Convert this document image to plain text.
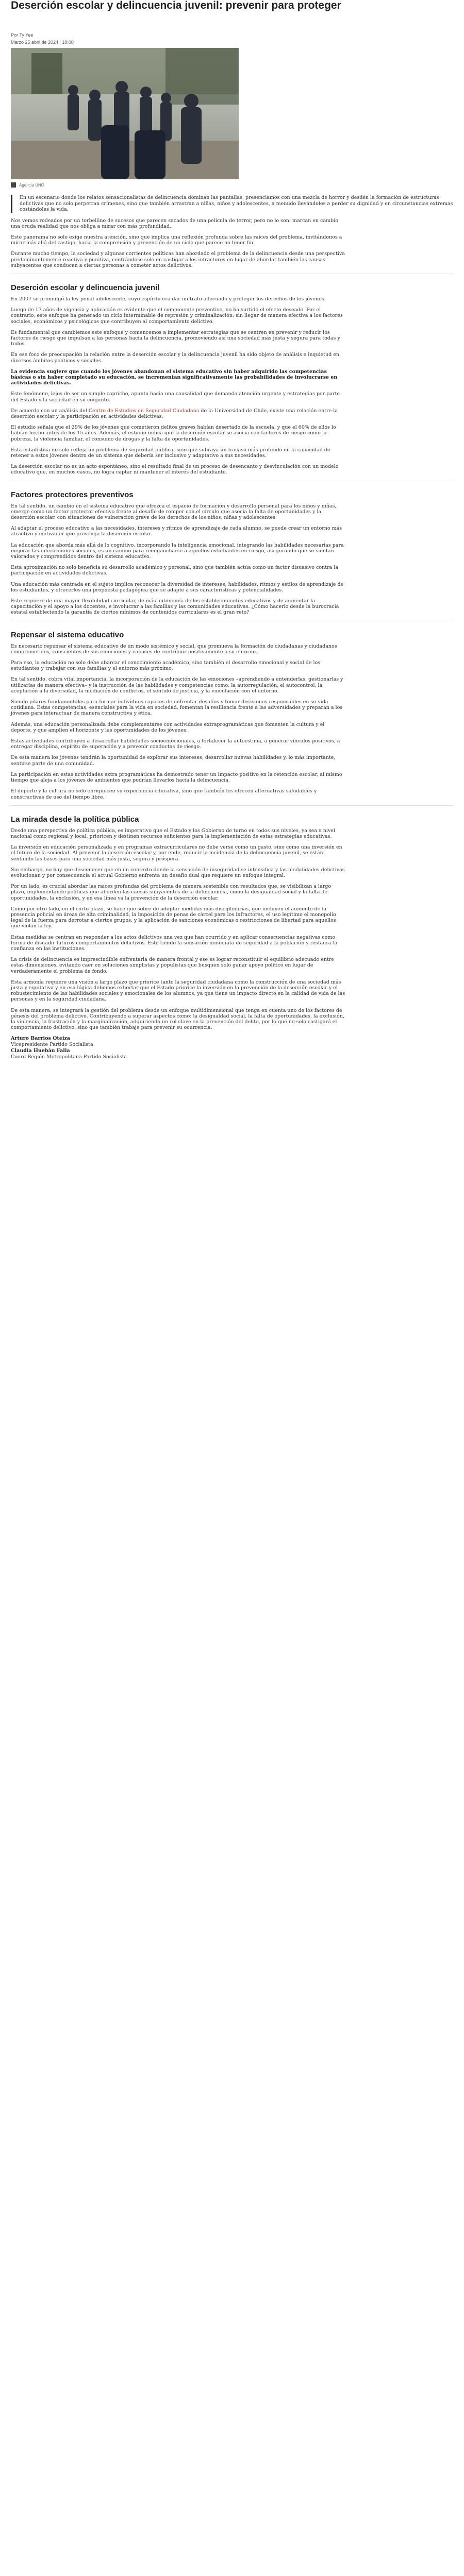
Deserción escolar y delincuencia juvenil: prevenir para proteger

Por Ty Yee

Marzo 25 abril de 2024 | 10:00

Agencia UNO

En un escenario donde los relatos sensacionalistas de delincuencia dominan las pantallas, presenciamos con una mezcla de horror y desdén la formación de estructuras delictivas que no solo perpetran crímenes, sino que también arrastran a niñas, niños y adolescentes, a menudo llevándoles a perder su dignidad y en circunstancias extremas costándoles la vida.

Nos vemos rodeados por un torbellino de sucesos que parecen sacados de una película de terror, pero no lo son: marcan en cambio una cruda realidad que nos obliga a mirar con más profundidad.

Este panorama no solo exige nuestra atención, sino que implica una reflexión profunda sobre las raíces del problema, invitándonos a mirar más allá del castigo, hacia la comprensión y prevención de un ciclo que parece no tener fin.

Durante mucho tiempo, la sociedad y algunas corrientes políticas han abordado el problema de la delincuencia desde una perspectiva predominantemente reactiva y punitiva, centrándose solo en castigar a los infractores en lugar de abordar también las causas subyacentes que conducen a ciertas personas a cometer actos delictivos.

Deserción escolar y delincuencia juvenil

En 2007 se promulgó la ley penal adolescente, cuyo espíritu era dar un trato adecuado y proteger los derechos de los jóvenes.

Luego de 17 años de vigencia y aplicación es evidente que el componente preventivo, no ha surtido el efecto deseado. Por el contrario, este enfoque ha generado un ciclo interminable de represión y criminalización, sin llegar de manera efectiva a los factores sociales, económicos y psicológicos que contribuyen al comportamiento delictivo.

Es fundamental que cambiemos este enfoque y comencemos a implementar estrategias que se centren en prevenir y reducir los factores de riesgo que impulsan a las personas hacia la delincuencia, promoviendo así una sociedad más justa y segura para todas y todos.

En ese foco de preocupación la relación entre la deserción escolar y la delincuencia juvenil ha sido objeto de análisis e inquietud en diversos ámbitos políticos y sociales.

La evidencia sugiere que cuando los jóvenes abandonan el sistema educativo sin haber adquirido las competencias básicas o sin haber completado su educación, se incrementan significativamente las probabilidades de involucrarse en actividades delictivas.

Este fenómeno, lejos de ser un simple capricho, apunta hacia una causalidad que demanda atención urgente y estrategias por parte del Estado y la sociedad en su conjunto.

De acuerdo con un análisis del Centro de Estudios en Seguridad Ciudadana de la Universidad de Chile, existe una relación entre la deserción escolar y la participación en actividades delictivas.

El estudio señala que el 29% de los jóvenes que cometieron delitos graves habían desertado de la escuela, y que el 60% de ellos lo habían hecho antes de los 15 años. Además, el estudio indica que la deserción escolar se asocia con factores de riesgo como la pobreza, la violencia familiar, el consumo de drogas y la falta de oportunidades.

Esta estadística no solo refleja un problema de seguridad pública, sino que subraya un fracaso más profundo en la capacidad de retener a estos jóvenes dentro de un sistema que debería ser inclusivo y adaptativo a sus necesidades.

La deserción escolar no es un acto espontáneo, sino el resultado final de un proceso de desencanto y desvinculación con un modelo educativo que, en muchos casos, no logra captar ni mantener el interés del estudiante.

Factores protectores preventivos

En tal sentido, un cambio en el sistema educativo que ofrezca el espacio de formación y desarrollo personal para los niños y niñas, emerge como un factor protector efectivo frente al desafío de romper con el círculo que asocia la falta de oportunidades y la deserción escolar, con situaciones de vulneración grave de los derechos de los niños, niñas y adolescentes.

Al adaptar el proceso educativo a las necesidades, intereses y ritmos de aprendizaje de cada alumno, se puede crear un entorno más atractivo y motivador que prevenga la deserción escolar.

La educación que aborda más allá de lo cognitivo, incorporando la inteligencia emocional, integrando las habilidades necesarias para mejorar las interacciones sociales, es un camino para reengancharse a aquellos estudiantes en riesgo, asegurando que se sientan valorados y comprendidos dentro del sistema educativo.

Esta aproximación no solo beneficia su desarrollo académico y personal, sino que también actúa como un factor disuasivo contra la participación en actividades delictivas.

Una educación más centrada en el sujeto implica reconocer la diversidad de intereses, habilidades, ritmos y estilos de aprendizaje de los estudiantes, y ofrecerles una propuesta pedagógica que se adapte a sus características y potencialidades.

Este requiere de una mayor flexibilidad curricular, de más autonomía de los establecimientos educativos y de aumentar la capacitación y el apoyo a los docentes, e involucrar a las familias y las comunidades educativas. ¿Cómo hacerlo desde la burocracia estatal estableciendo la garantía de ciertos mínimos de contenidos curriculares es el gran reto?

Repensar el sistema educativo

Es necesario repensar el sistema educativo de un modo sistémico y social, que promueva la formación de ciudadanas y ciudadanos comprometidos, conscientes de sus emociones y capaces de contribuir positivamente a su entorno.

Para eso, la educación no solo debe abarcar el conocimiento académico, sino también el desarrollo emocional y social de los estudiantes y trabajar con sus familias y el entorno más próximo.

En tal sentido, cobra vital importancia, la incorporación de la educación de las emociones –aprendiendo a entenderlas, gestionarlas y utilizarlas de manera efectiva– y la instrucción de las habilidades y competencias como: la autorregulación, el autocontrol, la aceptación a la diversidad, la mediación de conflictos, el sentido de justicia, y la vinculación con el entorno.

Siendo pilares fundamentales para formar individuos capaces de enfrentar desafíos y tomar decisiones responsables en su vida cotidiana. Estas competencias, esenciales para la vida en sociedad, fomentan la resiliencia frente a las adversidades y preparan a los jóvenes para interactuar de manera constructiva y ética.

Además, una educación personalizada debe complementarse con actividades extraprogramáticas que fomenten la cultura y el deporte, y que amplíen el horizonte y las oportunidades de los jóvenes.

Estas actividades contribuyen a desarrollar habilidades socioemocionales, a fortalecer la autoestima, a generar vínculos positivos, a entregar disciplina, espíritu de superación y a prevenir conductas de riesgo.

De esta manera los jóvenes tendrán la oportunidad de explorar sus intereses, desarrollar nuevas habilidades y, lo más importante, sentirse parte de una comunidad.

La participación en estas actividades extra programáticas ha demostrado tener un impacto positivo en la retención escolar, al mismo tiempo que aleja a los jóvenes de ambientes que podrían llevarlos hacia la delincuencia.

El deporte y la cultura no solo enriquecen su experiencia educativa, sino que también les ofrecen alternativas saludables y constructivas de uso del tiempo libre.

La mirada desde la política pública

Desde una perspectiva de política pública, es imperativo que el Estado y los Gobierno de turno en todos sus niveles, ya sea a nivel nacional como regional y local, prioricen y destinen recursos suficientes para la implementación de estas estrategias educativas.

La inversión en educación personalizada y en programas extracurriculares no debe verse como un gasto, sino como una inversión en el futuro de la sociedad. Al prevenir la deserción escolar y, por ende, reducir la incidencia de la delincuencia juvenil, se están sentando las bases para una sociedad más justa, segura y próspera.

Sin embargo, no hay que desconocer que en un contexto donde la sensación de inseguridad se intensifica y las modalidades delictivas evolucionan y por consecuencia el actual Gobierno enfrenta un desafío dual que requiere un enfoque integral.

Por un lado, es crucial abordar las raíces profundas del problema de manera sostenible con resultados que, se visibilizan a largo plazo, implementando políticas que aborden las causas subyacentes de la delincuencia, como la desigualdad social y la falta de oportunidades, la exclusión, y en esa línea va la prevención de la deserción escolar.

Como por otro lado, en el corto plazo, se hace que sobre de adoptar medidas más disciplinarias, que incluyen el aumento de la presencia policial en áreas de alta criminalidad, la imposición de penas de cárcel para los infractores, el uso legítimo el monopolio legal de la fuerza para derrotar a ciertos grupos, y la aplicación de sanciones económicas o restricciones de libertad para aquellos que violan la ley.

Estas medidas se centran en responder a los actos delictivos una vez que han ocurrido y en aplicar consecuencias negativas como forma de disuadir futuros comportamientos delictivos. Esto tiende la sensación inmediata de seguridad a la población y restaura la confianza en las instituciones.

La crisis de delincuencia es imprescindible enfrentarla de manera frontal y ese es lograr reconstituir el equilibrio adecuado entre estas dimensiones, evitando caer en soluciones simplistas y populistas que busquen solo ganar apoyo político en lugar de verdaderamente el problema de fondo.

Esta armonía requiere una visión a largo plazo que priorice tanto la seguridad ciudadana como la construcción de una sociedad más justa y equitativa y en esa lógica debemos exhortar que el Estado priorice la inversión en la prevención de la deserción escolar y el robustecimiento de las habilidades sociales y emocionales de los alumnos, ya que tiene un impacto directo en la calidad de vida de las personas y en la seguridad ciudadana.

De esta manera, se integrará la gestión del problema desde un enfoque multidimensional que tenga en cuenta uno de los factores de génesis del problema delictivo. Contribuyendo a superar aspectos como: la desigualdad social, la falta de oportunidades, la exclusión, la violencia, la frustración y la marginalización, adquiriendo un rol clave en la prevención del delito, por lo que no solo castigará el comportamiento delictivo, sino que también trabaje para prevenir su ocurrencia.

Arturo Barrios Oteiza

Vicepresidente Partido Socialista

Claudia Huebán Falla

Coord Región Metropolitana Partido Socialista
